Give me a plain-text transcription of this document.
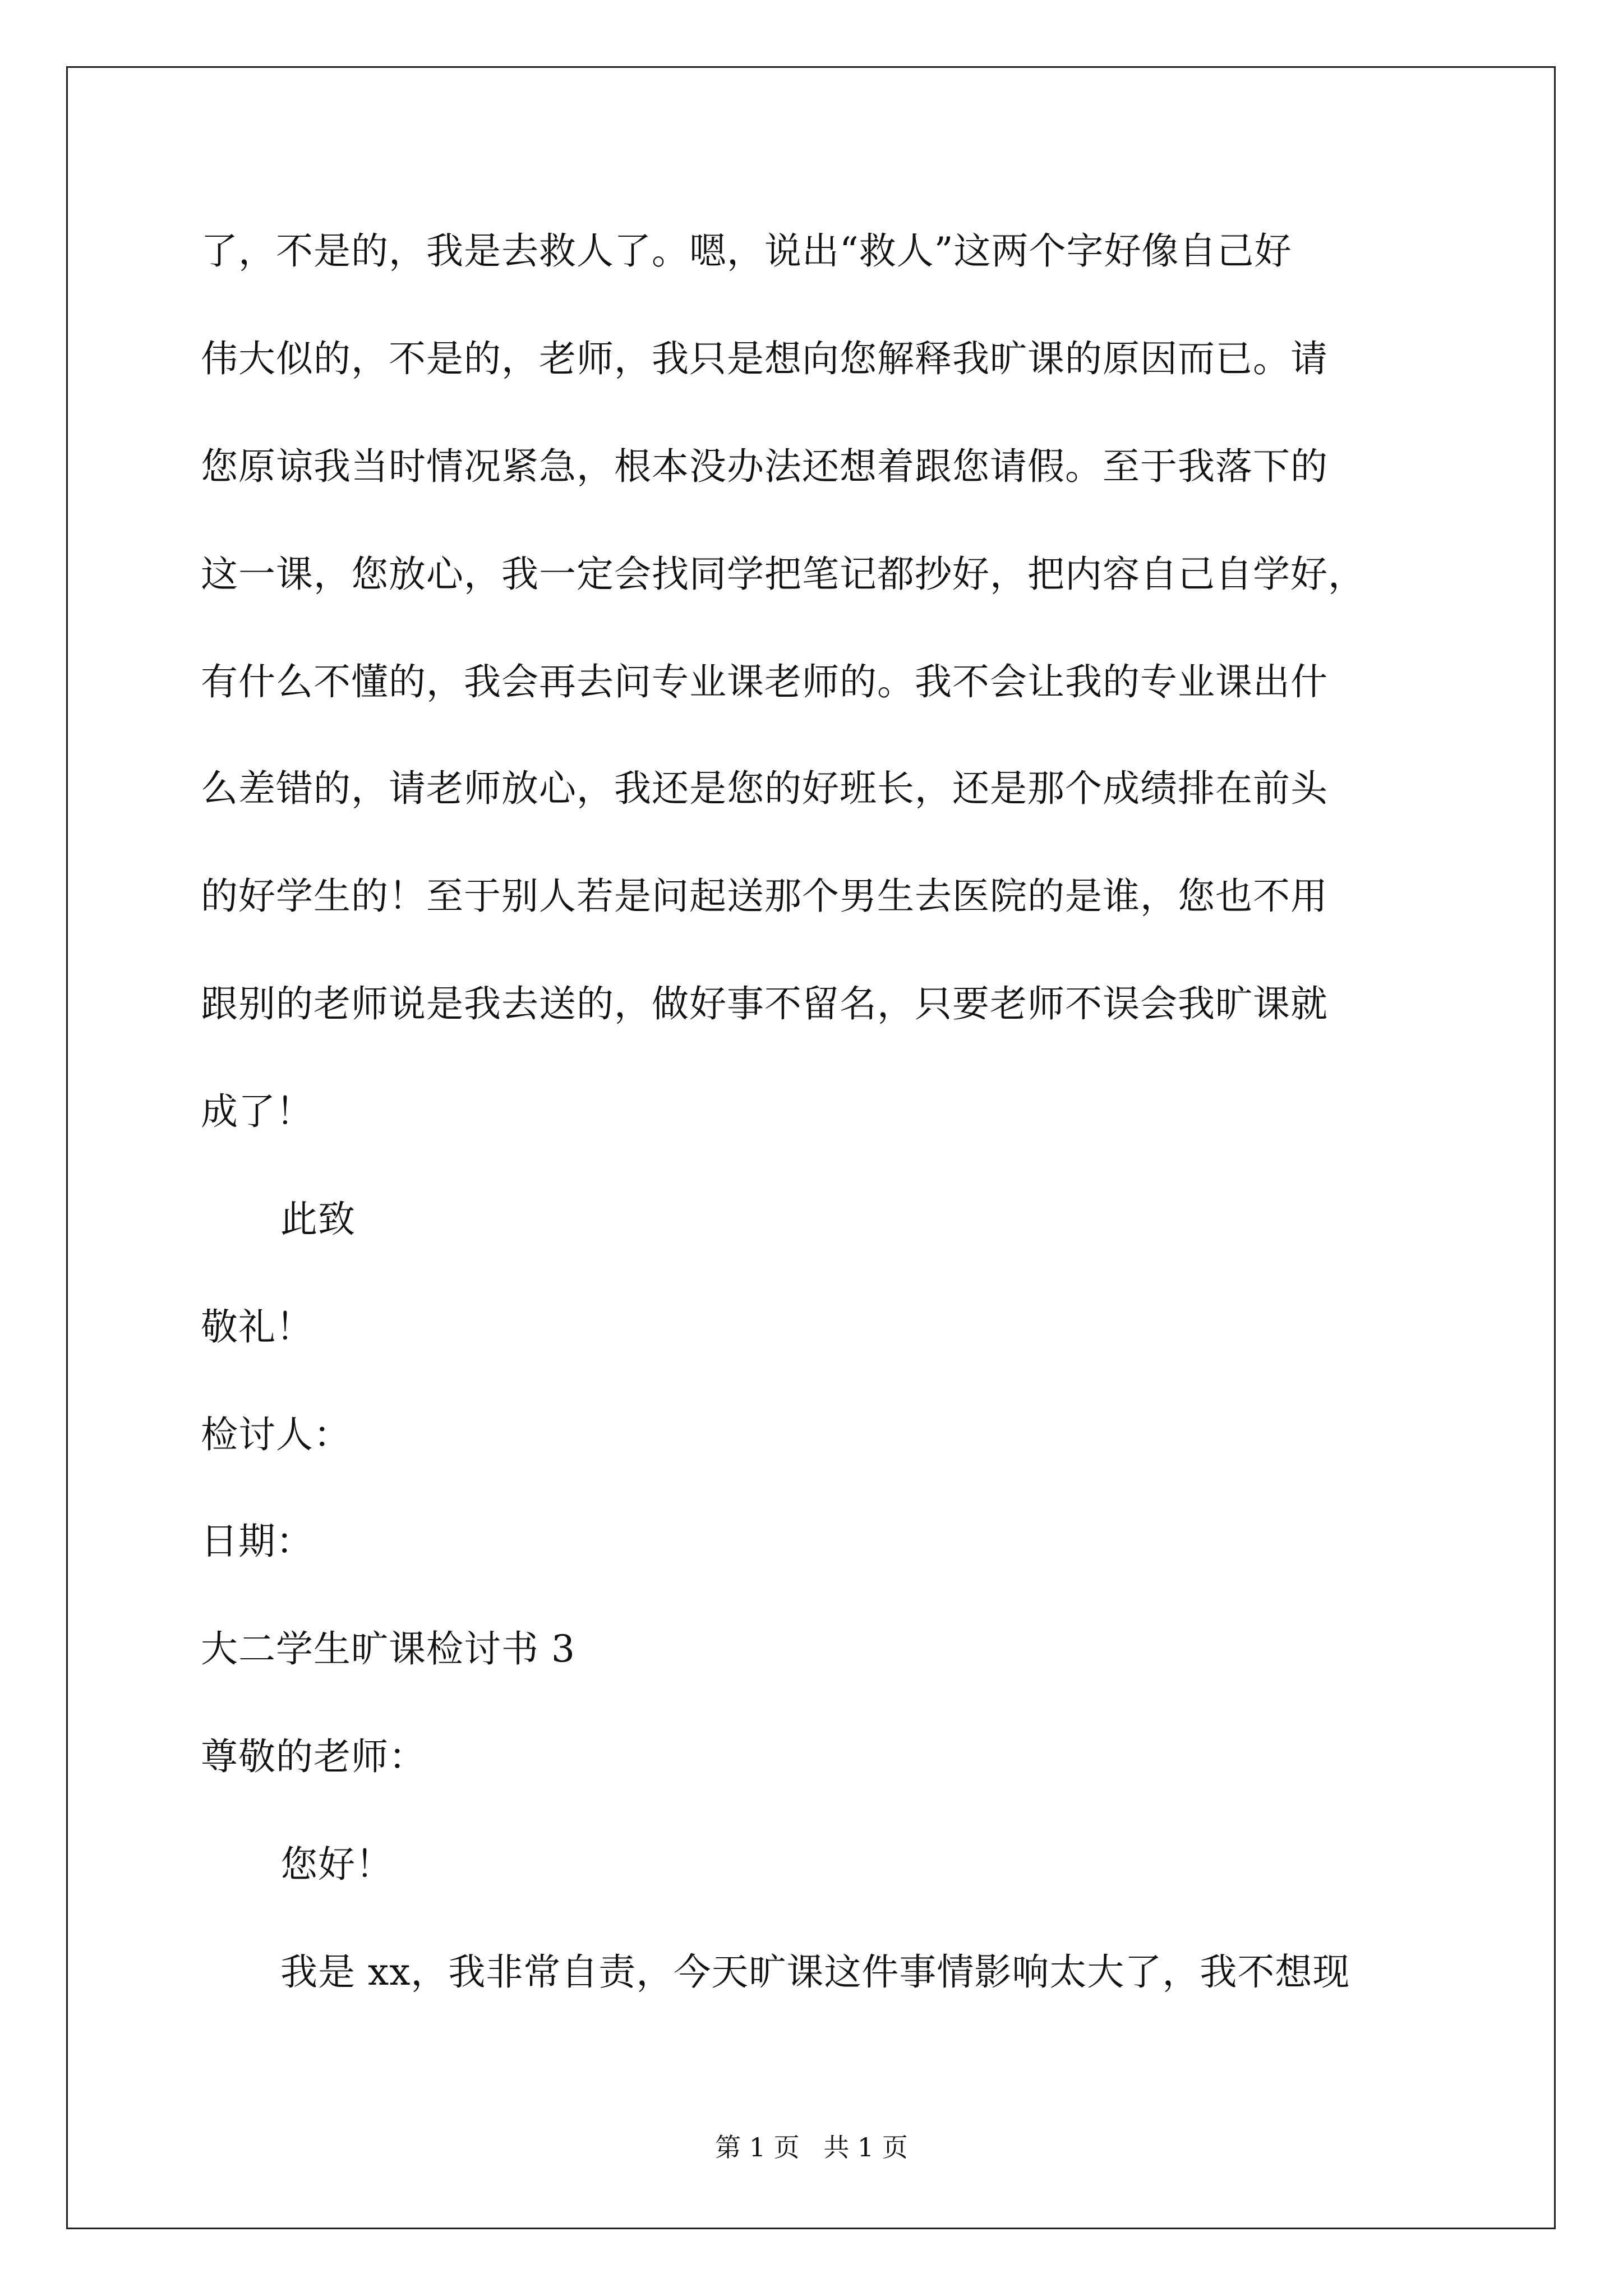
了，不是的，我是去救人了。嗯，说出“救人”这两个字好像自己好
伟大似的，不是的，老师，我只是想向您解释我旷课的原因而已。请
您原谅我当时情况紧急，根本没办法还想着跟您请假。至于我落下的
这一课，您放心，我一定会找同学把笔记都抄好，把内容自己自学好，
有什么不懂的，我会再去问专业课老师的。我不会让我的专业课出什
么差错的，请老师放心，我还是您的好班长，还是那个成绩排在前头
的好学生的！至于别人若是问起送那个男生去医院的是谁，您也不用
跟别的老师说是我去送的，做好事不留名，只要老师不误会我旷课就
成了！
此致
敬礼！
检讨人：
日期：
大二学生旷课检讨书 3
尊敬的老师：
您好！
我是 xx，我非常自责，今天旷课这件事情影响太大了，我不想现
第 1 页 共 1 页
